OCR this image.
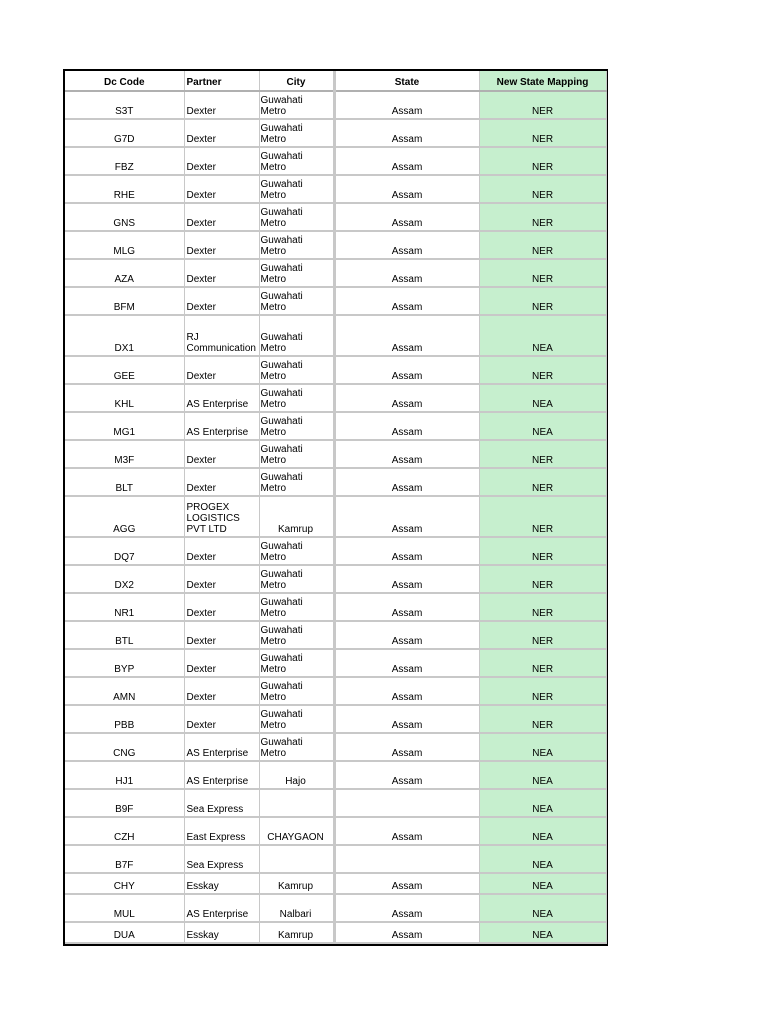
Dc Code	Partner	City	State	New State Mapping
S3T	Dexter	Guwahati Metro	Assam	NER
G7D	Dexter	Guwahati Metro	Assam	NER
FBZ	Dexter	Guwahati Metro	Assam	NER
RHE	Dexter	Guwahati Metro	Assam	NER
GNS	Dexter	Guwahati Metro	Assam	NER
MLG	Dexter	Guwahati Metro	Assam	NER
AZA	Dexter	Guwahati Metro	Assam	NER
BFM	Dexter	Guwahati Metro	Assam	NER
DX1	RJ Communication	Guwahati Metro	Assam	NEA
GEE	Dexter	Guwahati Metro	Assam	NER
KHL	AS Enterprise	Guwahati Metro	Assam	NEA
MG1	AS Enterprise	Guwahati Metro	Assam	NEA
M3F	Dexter	Guwahati Metro	Assam	NER
BLT	Dexter	Guwahati Metro	Assam	NER
AGG	PROGEX LOGISTICS PVT LTD	Kamrup	Assam	NER
DQ7	Dexter	Guwahati Metro	Assam	NER
DX2	Dexter	Guwahati Metro	Assam	NER
NR1	Dexter	Guwahati Metro	Assam	NER
BTL	Dexter	Guwahati Metro	Assam	NER
BYP	Dexter	Guwahati Metro	Assam	NER
AMN	Dexter	Guwahati Metro	Assam	NER
PBB	Dexter	Guwahati Metro	Assam	NER
CNG	AS Enterprise	Guwahati Metro	Assam	NEA
HJ1	AS Enterprise	Hajo	Assam	NEA
B9F	Sea Express			NEA
CZH	East Express	CHAYGAON	Assam	NEA
B7F	Sea Express			NEA
CHY	Esskay	Kamrup	Assam	NEA
MUL	AS Enterprise	Nalbari	Assam	NEA
DUA	Esskay	Kamrup	Assam	NEA
